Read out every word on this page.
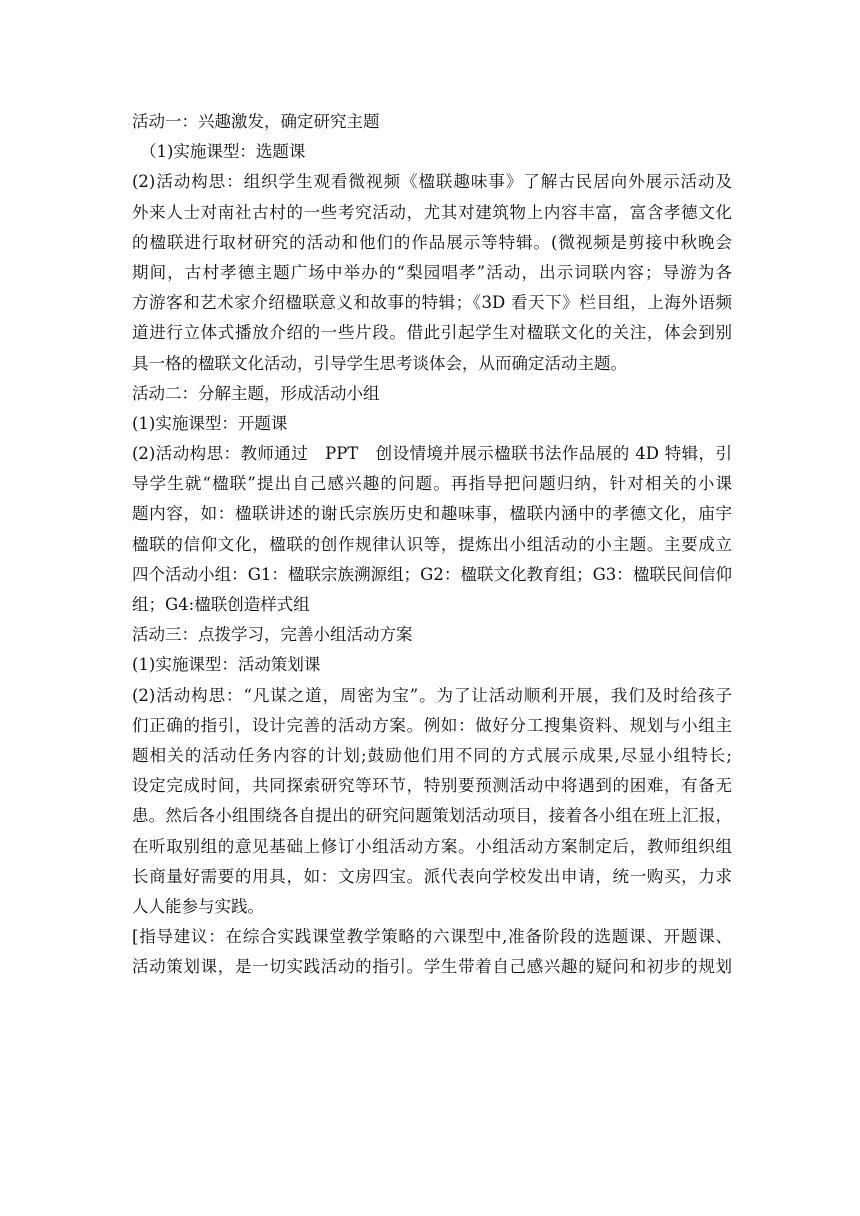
活动一：兴趣激发，确定研究主题
（1)实施课型：选题课
(2)活动构思：组织学生观看微视频《楹联趣味事》了解古民居向外展示活动及
外来人士对南社古村的一些考究活动，尤其对建筑物上内容丰富，富含孝德文化
的楹联进行取材研究的活动和他们的作品展示等特辑。(微视频是剪接中秋晚会
期间，古村孝德主题广场中举办的“梨园唱孝”活动，出示词联内容；导游为各
方游客和艺术家介绍楹联意义和故事的特辑；《3D 看天下》栏目组，上海外语频
道进行立体式播放介绍的一些片段。借此引起学生对楹联文化的关注，体会到别
具一格的楹联文化活动，引导学生思考谈体会，从而确定活动主题。
活动二：分解主题，形成活动小组
(1)实施课型：开题课
(2)活动构思：教师通过　PPT　创设情境并展示楹联书法作品展的 4D 特辑，引
导学生就“楹联”提出自己感兴趣的问题。再指导把问题归纳，针对相关的小课
题内容，如：楹联讲述的谢氏宗族历史和趣味事，楹联内涵中的孝德文化，庙宇
楹联的信仰文化，楹联的创作规律认识等，提炼出小组活动的小主题。主要成立
四个活动小组：G1：楹联宗族溯源组；G2：楹联文化教育组；G3：楹联民间信仰
组；G4:楹联创造样式组
活动三：点拨学习，完善小组活动方案
(1)实施课型：活动策划课
(2)活动构思：“凡谋之道，周密为宝”。为了让活动顺利开展，我们及时给孩子
们正确的指引，设计完善的活动方案。例如：做好分工搜集资料、规划与小组主
题相关的活动任务内容的计划;鼓励他们用不同的方式展示成果,尽显小组特长;
设定完成时间，共同探索研究等环节，特别要预测活动中将遇到的困难，有备无
患。然后各小组围绕各自提出的研究问题策划活动项目，接着各小组在班上汇报，
在听取别组的意见基础上修订小组活动方案。小组活动方案制定后，教师组织组
长商量好需要的用具，如：文房四宝。派代表向学校发出申请，统一购买，力求
人人能参与实践。
[指导建议：在综合实践课堂教学策略的六课型中,准备阶段的选题课、开题课、
活动策划课，是一切实践活动的指引。学生带着自己感兴趣的疑问和初步的规划
